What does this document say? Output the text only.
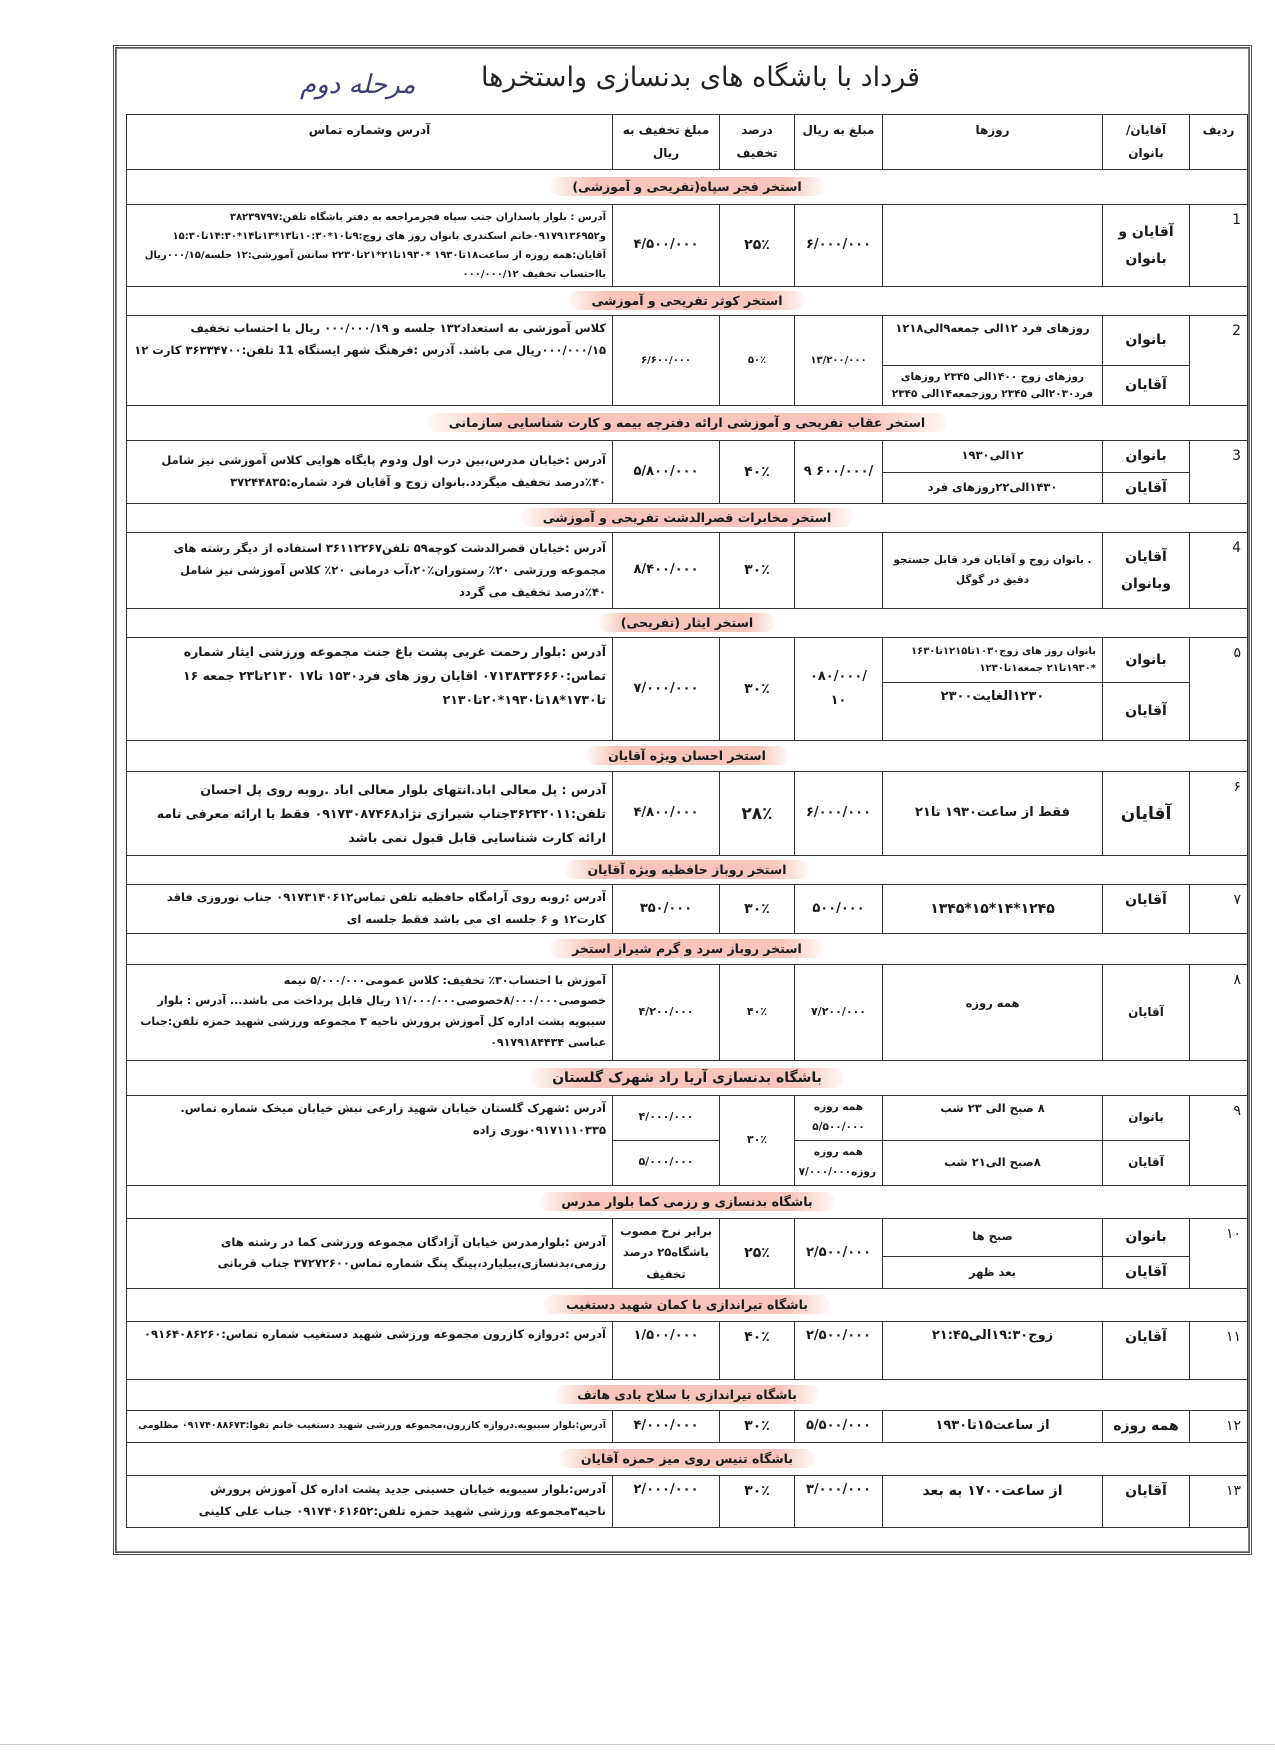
مرحله دوم	قرداد با باشگاه های بدنسازی واستخرها
ردیف	آقایان/بانوان	روزها	مبلغ به ریال	درصد تخفیف	مبلغ تخفیف به ریال	آدرس وشماره تماس
استخر فجر سپاه(تفریحی و آموزشی)						
1	آقایان و بانوان		۶/۰۰۰/۰۰۰	۲۵٪	۴/۵۰۰/۰۰۰	آدرس : بلوار پاسداران جنب سپاه فجرمراجعه به دفتر باشگاه تلفن:۳۸۲۳۹۷۹۷ و۰۹۱۷۹۱۳۶۹۵۲خانم اسکندری بانوان روز های زوج:۹تا۱۰*۱۰:۳۰تا۱۳*۱۳تا۱۴*۱۴:۳۰تا۱۵:۳۰ آقایان:همه روزه از ساعت۱۸تا۱۹۳۰ *۱۹۳۰تا۲۱*۲۱تا۲۲۳۰ سانس آموزشی:۱۲ جلسه/۰۰۰/۱۵ریال بااحتساب تخفیف ۰۰۰/۰۰۰/۱۲
استخر کوثر تفریحی و آموزشی						
2	بانوان	روزهای فرد ۱۲الی جمعه۹الی۱۲۱۸	۱۳/۲۰۰/۰۰۰	۵۰٪	۶/۶۰۰/۰۰۰	کلاس آموزشی به استعداد۱۳۲ جلسه و ۰۰۰/۰۰۰/۱۹ ریال با احتساب تخفیف ۰۰۰/۰۰۰/۱۵ریال می باشد. آدرس :فرهنگ شهر ایستگاه 11 تلفن:۳۶۳۳۴۷۰۰ کارت ۱۲
	آقایان	روزهای زوج ۱۴۰۰الی ۲۳۴۵ روزهای فرد۲۰۳۰الی ۲۳۴۵ روزجمعه۱۴الی ۲۳۴۵				
استخر عقاب تفریحی و آموزشی ارائه دفترچه بیمه و کارت شناسایی سازمانی						
3	بانوان	۱۲الی۱۹۳۰	/۶۰۰/۰۰۰ ۹	۴۰٪	۵/۸۰۰/۰۰۰	آدرس :خیابان مدرس،بین درب اول ودوم پایگاه هوایی کلاس آموزشی نیز شامل ۴۰٪درصد تخفیف میگردد.بانوان زوج و آقایان فرد شماره:۳۷۲۴۴۸۳۵
	آقایان	۱۴۳۰الی۲۲روزهای فرد				
استخر مخابرات قصرالدشت تفریحی و آموزشی						
4	آقایان وبانوان	. بانوان زوج و آقایان فرد قابل جستجو دقیق در گوگل		۳۰٪	۸/۴۰۰/۰۰۰	آدرس :خیابان قصرالدشت کوچه۵۹ تلفن۳۶۱۱۲۲۶۷ استفاده از دیگر رشته های مجموعه ورزشی ۲۰٪ رستوران٪۲۰،آب درمانی ۲۰٪ کلاس آموزشی نیز شامل ۴۰٪درصد تخفیف می گردد
استخر ایثار (تفریحی)						
۵	بانوان	بانوان روز های زوج۱۰۳۰تا۱۲۱۵تا۱۶۳۰ *۱۹۳۰تا۲۱ جمعه۱تا۱۲۳۰	/۰۸۰/۰۰۰ ۱۰	۳۰٪	۷/۰۰۰/۰۰۰	آدرس :بلوار رحمت غربی پشت باغ جنت مجموعه ورزشی ایثار شماره تماس:۰۷۱۳۸۳۳۶۶۶۰ اقایان روز های فرد۱۵۳۰ تا۱۷ ۲۱۳۰تا۲۳ جمعه ۱۶ تا۱۷۳۰*۱۸تا۱۹۳۰*۲۰تا۲۱۳۰
	آقایان	۱۲۳۰الغایت۲۳۰۰				
استخر احسان ویژه آقایان						
۶	آقایان	فقط از ساعت۱۹۳۰ تا۲۱	۶/۰۰۰/۰۰۰	۲۸٪	۴/۸۰۰/۰۰۰	آدرس : پل معالی اباد.انتهای بلوار معالی اباد .روبه روی پل احسان تلفن:۳۶۲۴۲۰۱۱جناب شیرازی نژاد۰۹۱۷۳۰۸۷۴۶۸ فقط با ارائه معرفی نامه ارائه کارت شناسایی قابل قبول نمی باشد
استخر روباز حافظیه ویژه آقایان						
۷	آقایان	۱۲۴۵*۱۴*۱۵*۱۳۴۵	۵۰۰/۰۰۰	۳۰٪	۳۵۰/۰۰۰	آدرس :روبه روی آرامگاه حافظیه تلفن تماس۰۹۱۷۳۱۴۰۶۱۲ جناب نوروزی فاقد کارت۱۲ و ۶ جلسه ای می باشد فقط جلسه ای
استخر روباز سرد و گرم شیراز استخر						
۸	آقایان	همه روزه	۷/۲۰۰/۰۰۰	۴۰٪	۴/۲۰۰/۰۰۰	آموزش با احتساب۳۰٪ تخفیف: کلاس عمومی۵/۰۰۰/۰۰۰ نیمه خصوصی۸/۰۰۰/۰۰۰خصوصی۱۱/۰۰۰/۰۰۰ ریال قابل پرداخت می باشد... آدرس : بلوار سیبویه پشت اداره کل آموزش پرورش ناحیه ۳ مجموعه ورزشی شهید حمزه تلفن:جناب عباسی ۰۹۱۷۹۱۸۴۴۳۴
باشگاه بدنسازی آریا راد شهرک گلستان						
۹	بانوان	۸ صبح الی ۲۳ شب	همه روزه ۵/۵۰۰/۰۰۰	۳۰٪	۴/۰۰۰/۰۰۰	آدرس :شهرک گلستان خیابان شهید زارعی نبش خیابان میخک شماره تماس. ۰۹۱۷۱۱۱۰۳۳۵نوری زاده
	آقایان	۸صبح الی۲۱ شب	همه روزه روزه۷/۰۰۰/۰۰۰		۵/۰۰۰/۰۰۰	
باشگاه بدنسازی و رزمی کما بلوار مدرس						
۱۰	بانوان	صبح ها	۲/۵۰۰/۰۰۰	۲۵٪	برابر نرخ مصوب باشگاه۲۵ درصد تخفیف	آدرس :بلوارمدرس خیابان آزادگان مجموعه ورزشی کما در رشته های رزمی،بدنسازی،بیلیارد،پینگ پنگ شماره تماس۳۷۲۷۲۶۰۰ جناب قربانی
	آقایان	بعد ظهر				
باشگاه تیراندازی با کمان شهید دستغیب						
۱۱	آقایان	زوج۱۹:۳۰الی۲۱:۴۵	۲/۵۰۰/۰۰۰	۴۰٪	۱/۵۰۰/۰۰۰	آدرس :دروازه کازرون مجموعه ورزشی شهید دستغیب شماره تماس:۰۹۱۶۴۰۸۶۲۶۰
باشگاه تیراندازی با سلاح بادی هاتف						
۱۲	همه روزه	از ساعت۱۵تا۱۹۳۰	۵/۵۰۰/۰۰۰	۳۰٪	۴/۰۰۰/۰۰۰	آدرس:بلوار سیبویه.دروازه کازرون،مجموعه ورزشی شهید دستغیب خانم تقوا:۰۹۱۷۴۰۸۸۶۷۳ مظلومی
باشگاه تنیس روی میز حمزه آقایان						
۱۳	آقایان	از ساعت۱۷۰۰ به بعد	۳/۰۰۰/۰۰۰	۳۰٪	۲/۰۰۰/۰۰۰	آدرس:بلوار سیبویه خیابان حسینی جدید پشت اداره کل آموزش پرورش ناحیه۳مجموعه ورزشی شهید حمزه تلفن:۰۹۱۷۴۰۶۱۶۵۲ جناب علی کلینی
